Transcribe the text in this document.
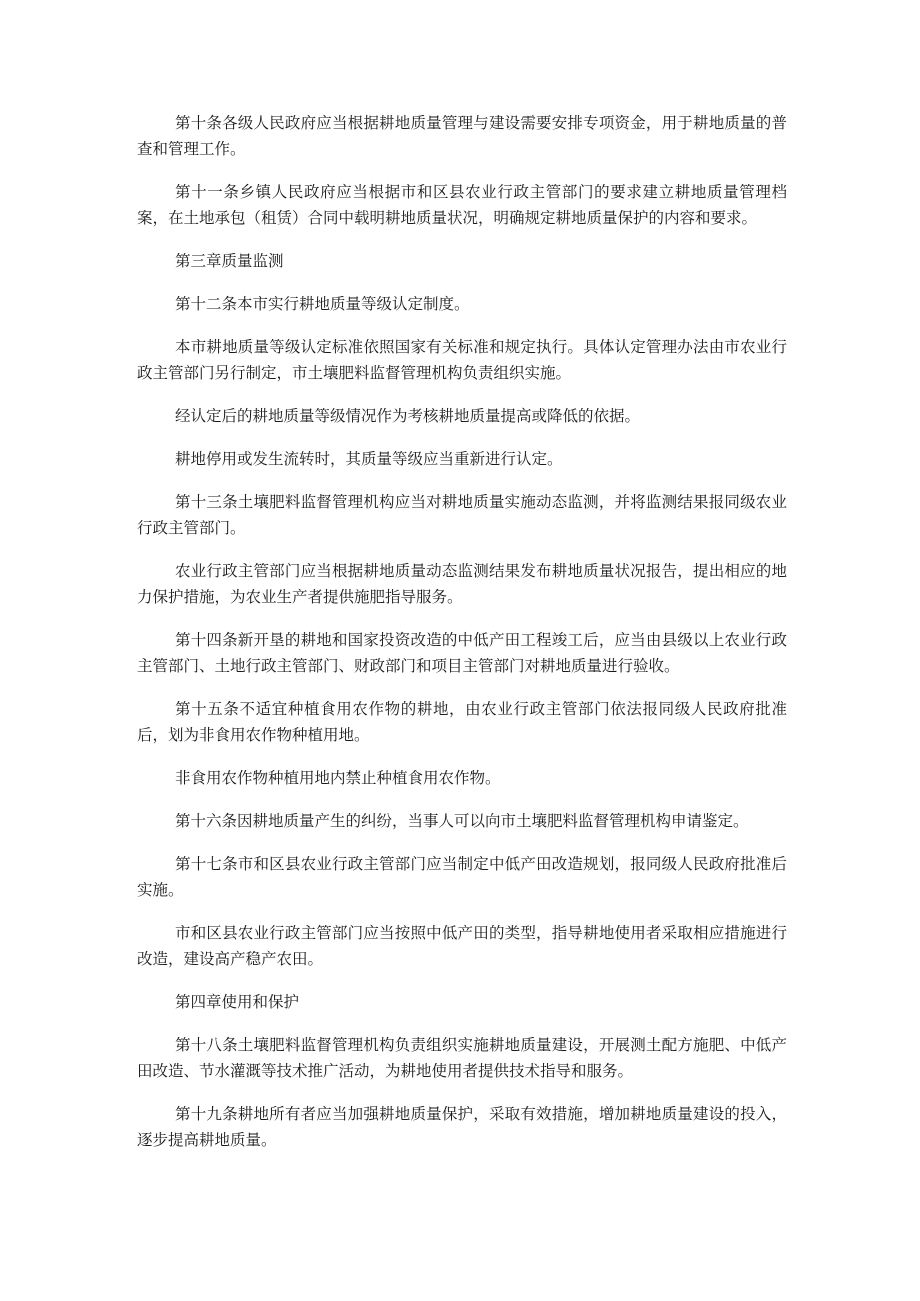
第十条各级人民政府应当根据耕地质量管理与建设需要安排专项资金，用于耕地质量的普查和管理工作。

第十一条乡镇人民政府应当根据市和区县农业行政主管部门的要求建立耕地质量管理档案，在土地承包（租赁）合同中载明耕地质量状况，明确规定耕地质量保护的内容和要求。

第三章质量监测

第十二条本市实行耕地质量等级认定制度。

本市耕地质量等级认定标准依照国家有关标准和规定执行。具体认定管理办法由市农业行政主管部门另行制定，市土壤肥料监督管理机构负责组织实施。

经认定后的耕地质量等级情况作为考核耕地质量提高或降低的依据。

耕地停用或发生流转时，其质量等级应当重新进行认定。

第十三条土壤肥料监督管理机构应当对耕地质量实施动态监测，并将监测结果报同级农业行政主管部门。

农业行政主管部门应当根据耕地质量动态监测结果发布耕地质量状况报告，提出相应的地力保护措施，为农业生产者提供施肥指导服务。

第十四条新开垦的耕地和国家投资改造的中低产田工程竣工后，应当由县级以上农业行政主管部门、土地行政主管部门、财政部门和项目主管部门对耕地质量进行验收。

第十五条不适宜种植食用农作物的耕地，由农业行政主管部门依法报同级人民政府批准后，划为非食用农作物种植用地。

非食用农作物种植用地内禁止种植食用农作物。

第十六条因耕地质量产生的纠纷，当事人可以向市土壤肥料监督管理机构申请鉴定。

第十七条市和区县农业行政主管部门应当制定中低产田改造规划，报同级人民政府批准后实施。

市和区县农业行政主管部门应当按照中低产田的类型，指导耕地使用者采取相应措施进行改造，建设高产稳产农田。

第四章使用和保护

第十八条土壤肥料监督管理机构负责组织实施耕地质量建设，开展测土配方施肥、中低产田改造、节水灌溉等技术推广活动，为耕地使用者提供技术指导和服务。

第十九条耕地所有者应当加强耕地质量保护，采取有效措施，增加耕地质量建设的投入，逐步提高耕地质量。
